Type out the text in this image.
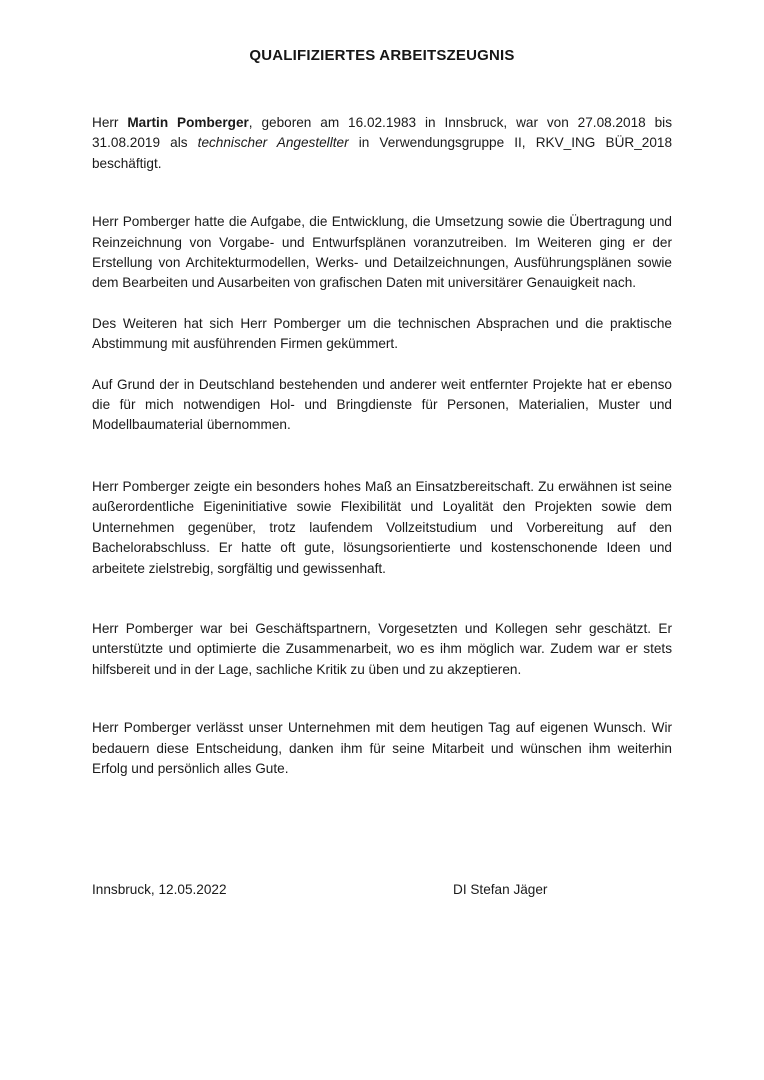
QUALIFIZIERTES ARBEITSZEUGNIS

Herr Martin Pomberger, geboren am 16.02.1983 in Innsbruck, war von 27.08.2018 bis 31.08.2019 als technischer Angestellter in Verwendungsgruppe II, RKV_ING BÜR_2018 beschäftigt.

Herr Pomberger hatte die Aufgabe, die Entwicklung, die Umsetzung sowie die Übertragung und Reinzeichnung von Vorgabe- und Entwurfsplänen voranzutreiben. Im Weiteren ging er der Erstellung von Architekturmodellen, Werks- und Detailzeichnungen, Ausführungsplänen sowie dem Bearbeiten und Ausarbeiten von grafischen Daten mit universitärer Genauigkeit nach.

Des Weiteren hat sich Herr Pomberger um die technischen Absprachen und die praktische Abstimmung mit ausführenden Firmen gekümmert.

Auf Grund der in Deutschland bestehenden und anderer weit entfernter Projekte hat er ebenso die für mich notwendigen Hol- und Bringdienste für Personen, Materialien, Muster und Modellbaumaterial übernommen.

Herr Pomberger zeigte ein besonders hohes Maß an Einsatzbereitschaft. Zu erwähnen ist seine außerordentliche Eigeninitiative sowie Flexibilität und Loyalität den Projekten sowie dem Unternehmen gegenüber, trotz laufendem Vollzeitstudium und Vorbereitung auf den Bachelorabschluss. Er hatte oft gute, lösungsorientierte und kostenschonende Ideen und arbeitete zielstrebig, sorgfältig und gewissenhaft.

Herr Pomberger war bei Geschäftspartnern, Vorgesetzten und Kollegen sehr geschätzt. Er unterstützte und optimierte die Zusammenarbeit, wo es ihm möglich war. Zudem war er stets hilfsbereit und in der Lage, sachliche Kritik zu üben und zu akzeptieren.

Herr Pomberger verlässt unser Unternehmen mit dem heutigen Tag auf eigenen Wunsch. Wir bedauern diese Entscheidung, danken ihm für seine Mitarbeit und wünschen ihm weiterhin Erfolg und persönlich alles Gute.

Innsbruck, 12.05.2022	DI Stefan Jäger
